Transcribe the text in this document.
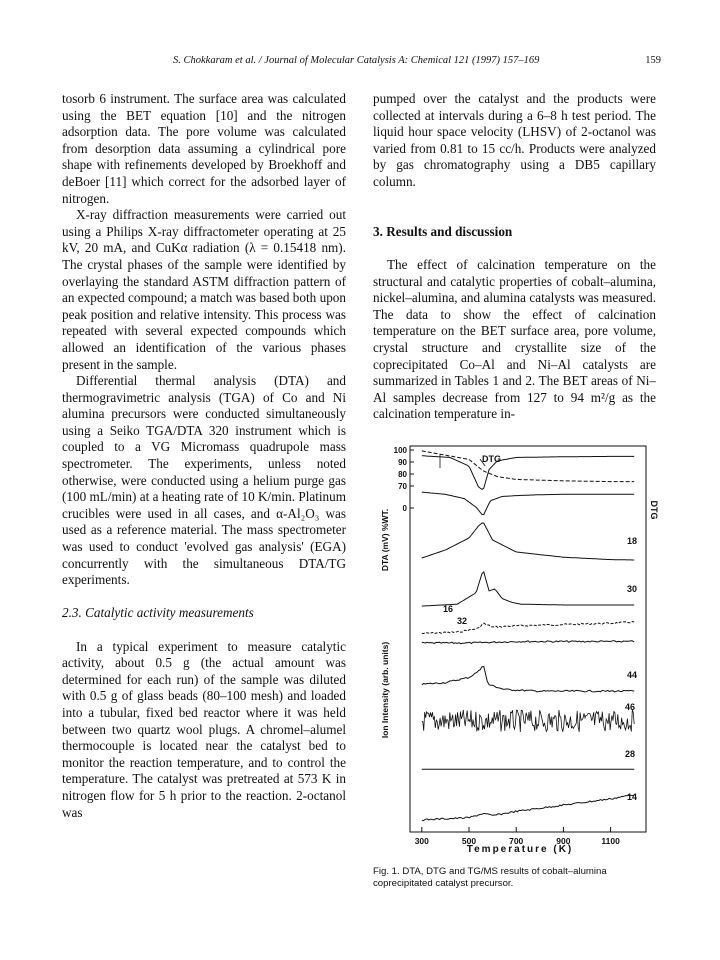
S. Chokkaram et al. / Journal of Molecular Catalysis A: Chemical 121 (1997) 157–169	159

tosorb 6 instrument. The surface area was calculated using the BET equation [10] and the nitrogen adsorption data. The pore volume was calculated from desorption data assuming a cylindrical pore shape with refinements developed by Broekhoff and deBoer [11] which correct for the adsorbed layer of nitrogen.

X-ray diffraction measurements were carried out using a Philips X-ray diffractometer operating at 25 kV, 20 mA, and CuKα radiation (λ = 0.15418 nm). The crystal phases of the sample were identified by overlaying the standard ASTM diffraction pattern of an expected compound; a match was based both upon peak position and relative intensity. This process was repeated with several expected compounds which allowed an identification of the various phases present in the sample.

Differential thermal analysis (DTA) and thermogravimetric analysis (TGA) of Co and Ni alumina precursors were conducted simultaneously using a Seiko TGA/DTA 320 instrument which is coupled to a VG Micromass quadrupole mass spectrometer. The experiments, unless noted otherwise, were conducted using a helium purge gas (100 mL/min) at a heating rate of 10 K/min. Platinum crucibles were used in all cases, and α-Al₂O₃ was used as a reference material. The mass spectrometer was used to conduct 'evolved gas analysis' (EGA) concurrently with the simultaneous DTA/TG experiments.

2.3. Catalytic activity measurements

In a typical experiment to measure catalytic activity, about 0.5 g (the actual amount was determined for each run) of the sample was diluted with 0.5 g of glass beads (80–100 mesh) and loaded into a tubular, fixed bed reactor where it was held between two quartz wool plugs. A chromel–alumel thermocouple is located near the catalyst bed to monitor the reaction temperature, and to control the temperature. The catalyst was pretreated at 573 K in nitrogen flow for 5 h prior to the reaction. 2-octanol was

pumped over the catalyst and the products were collected at intervals during a 6–8 h test period. The liquid hour space velocity (LHSV) of 2-octanol was varied from 0.81 to 15 cc/h. Products were analyzed by gas chromatography using a DB5 capillary column.

3. Results and discussion

The effect of calcination temperature on the structural and catalytic properties of cobalt–alumina, nickel–alumina, and alumina catalysts was measured. The data to show the effect of calcination temperature on the BET surface area, pore volume, crystal structure and crystallite size of the coprecipitated Co–Al and Ni–Al catalysts are summarized in Tables 1 and 2. The BET areas of Ni–Al samples decrease from 127 to 94 m²/g as the calcination temperature in-

DTA (mV) %WT.
Ion Intensity (arb. units)
DTG
Temperature (K)
300	500	700	900	1100
100
90
80
70
0
DTG
18
30
16
32
44
46
28
14
Fig. 1. DTA, DTG and TG/MS results of cobalt–alumina coprecipitated catalyst precursor.
